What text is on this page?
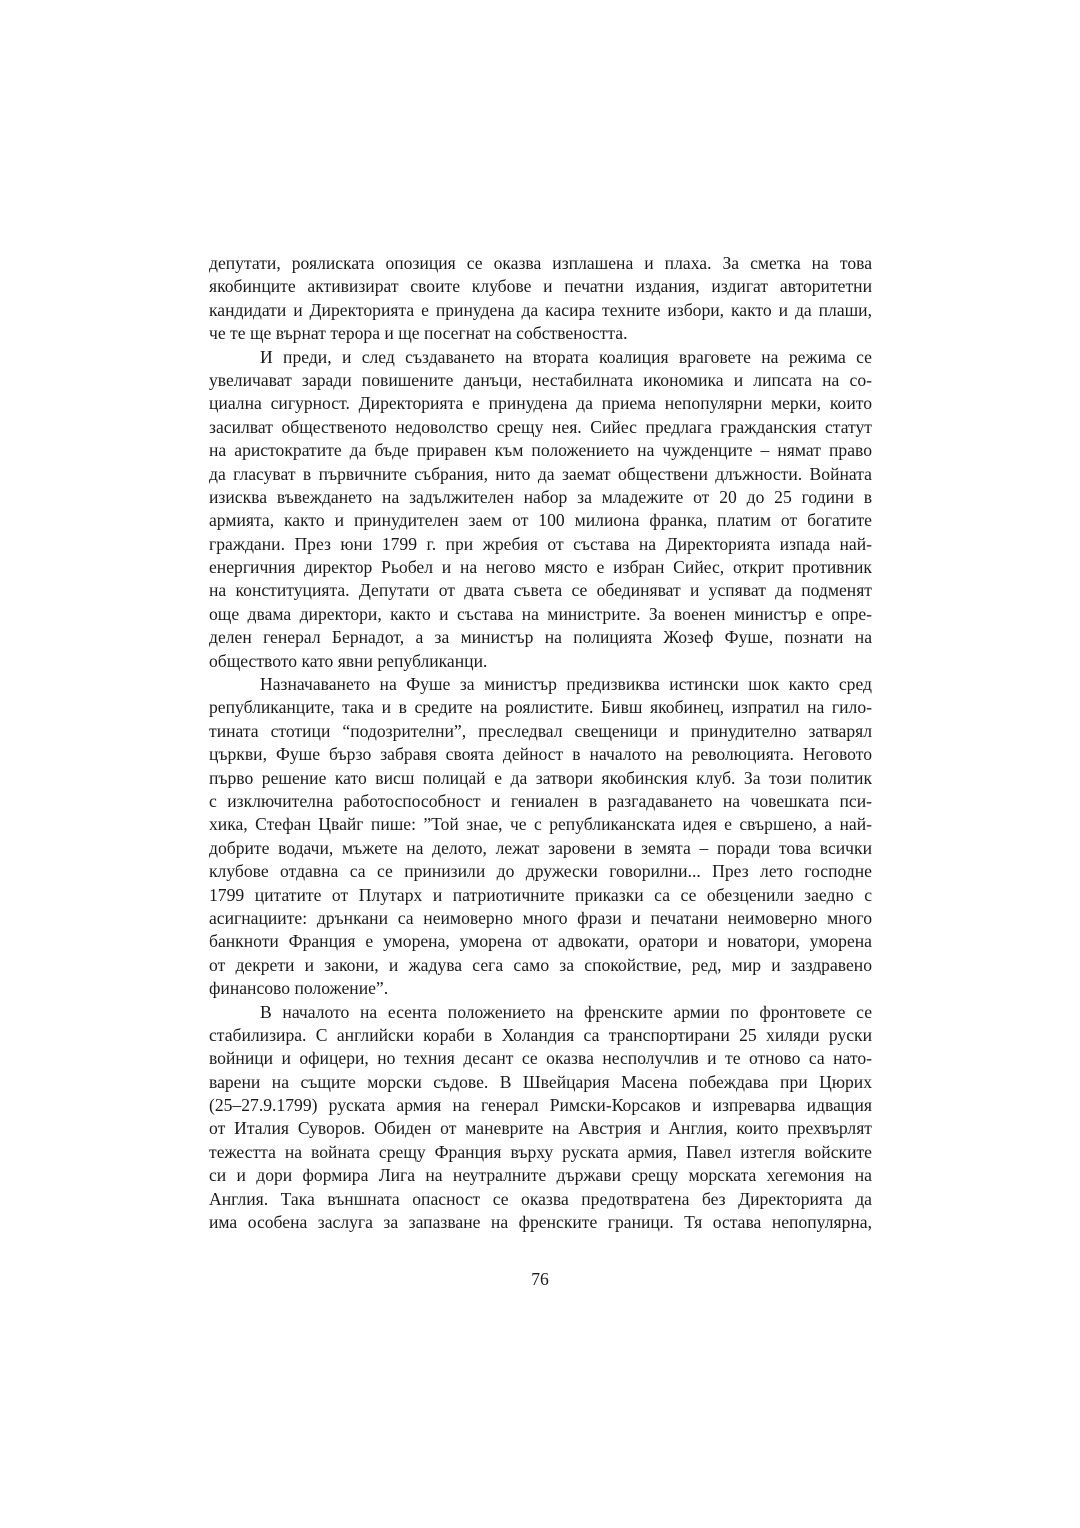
депутати, роялиската опозиция се оказва изплашена и плаха. За сметка на това
якобинците активизират своите клубове и печатни издания, издигат авторитетни
кандидати и Директорията е принудена да касира техните избори, както и да плаши,
че те ще върнат терора и ще посегнат на собствеността.
И преди, и след създаването на втората коалиция враговете на режима се
увеличават заради повишените данъци, нестабилната икономика и липсата на со-
циална сигурност. Директорията е принудена да приема непопулярни мерки, които
засилват общественото недоволство срещу нея. Сийес предлага гражданския статут
на аристократите да бъде приравен към положението на чужденците – нямат право
да гласуват в първичните събрания, нито да заемат обществени длъжности. Войната
изисква въвеждането на задължителен набор за младежите от 20 до 25 години в
армията, както и принудителен заем от 100 милиона франка, платим от богатите
граждани. През юни 1799 г. при жребия от състава на Директорията изпада най-
енергичния директор Рьобел и на негово място е избран Сийес, открит противник
на конституцията. Депутати от двата съвета се обединяват и успяват да подменят
още двама директори, както и състава на министрите. За военен министър е опре-
делен генерал Бернадот, а за министър на полицията Жозеф Фуше, познати на
обществото като явни републиканци.
Назначаването на Фуше за министър предизвиква истински шок както сред
републиканците, така и в средите на роялистите. Бивш якобинец, изпратил на гило-
тината стотици “подозрителни”, преследвал свещеници и принудително затварял
църкви, Фуше бързо забравя своята дейност в началото на революцията. Неговото
първо решение като висш полицай е да затвори якобинския клуб. За този политик
с изключителна работоспособност и гениален в разгадаването на човешката пси-
хика, Стефан Цвайг пише: ”Той знае, че с републиканската идея е свършено, а най-
добрите водачи, мъжете на делото, лежат заровени в земята – поради това всички
клубове отдавна са се принизили до дружески говорилни... През лето господне
1799 цитатите от Плутарх и патриотичните приказки са се обезценили заедно с
асигнациите: дрънкани са неимоверно много фрази и печатани неимоверно много
банкноти Франция е уморена, уморена от адвокати, оратори и новатори, уморена
от декрети и закони, и жадува сега само за спокойствие, ред, мир и заздравено
финансово положение”.
В началото на есента положението на френските армии по фронтовете се
стабилизира. С английски кораби в Холандия са транспортирани 25 хиляди руски
войници и офицери, но техния десант се оказва несполучлив и те отново са нато-
варени на същите морски съдове. В Швейцария Масена побеждава при Цюрих
(25–27.9.1799) руската армия на генерал Римски-Корсаков и изпреварва идващия
от Италия Суворов. Обиден от маневрите на Австрия и Англия, които прехвърлят
тежестта на войната срещу Франция върху руската армия, Павел изтегля войските
си и дори формира Лига на неутралните държави срещу морската хегемония на
Англия. Така външната опасност се оказва предотвратена без Директорията да
има особена заслуга за запазване на френските граници. Тя остава непопулярна,
76
